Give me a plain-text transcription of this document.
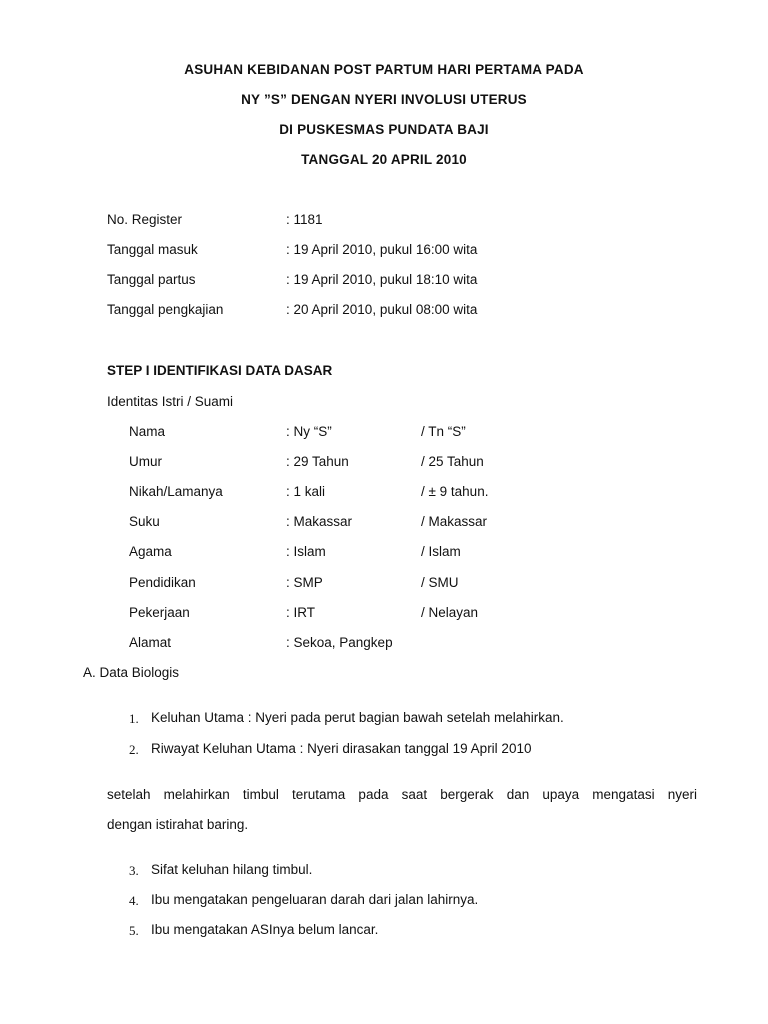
ASUHAN KEBIDANAN POST PARTUM HARI PERTAMA PADA
NY ”S” DENGAN NYERI INVOLUSI UTERUS
DI PUSKESMAS PUNDATA BAJI
TANGGAL 20 APRIL 2010
No. Register	: 1181
Tanggal masuk	: 19 April 2010, pukul 16:00 wita
Tanggal partus	: 19 April 2010, pukul 18:10 wita
Tanggal pengkajian	: 20 April 2010, pukul 08:00 wita
STEP I IDENTIFIKASI DATA DASAR
Identitas Istri / Suami
Nama	: Ny “S”	/ Tn “S”
Umur	: 29 Tahun	/ 25 Tahun
Nikah/Lamanya	: 1 kali	/ ± 9 tahun.
Suku	: Makassar	/ Makassar
Agama	: Islam	/ Islam
Pendidikan	: SMP	/ SMU
Pekerjaan	: IRT	/ Nelayan
Alamat	: Sekoa, Pangkep
A. Data Biologis
1. Keluhan Utama : Nyeri pada perut bagian bawah setelah melahirkan.
2. Riwayat Keluhan Utama : Nyeri dirasakan tanggal 19 April 2010
setelah melahirkan timbul terutama pada saat bergerak dan upaya mengatasi nyeri
dengan istirahat baring.
3. Sifat keluhan hilang timbul.
4. Ibu mengatakan pengeluaran darah dari jalan lahirnya.
5. Ibu mengatakan ASInya belum lancar.
